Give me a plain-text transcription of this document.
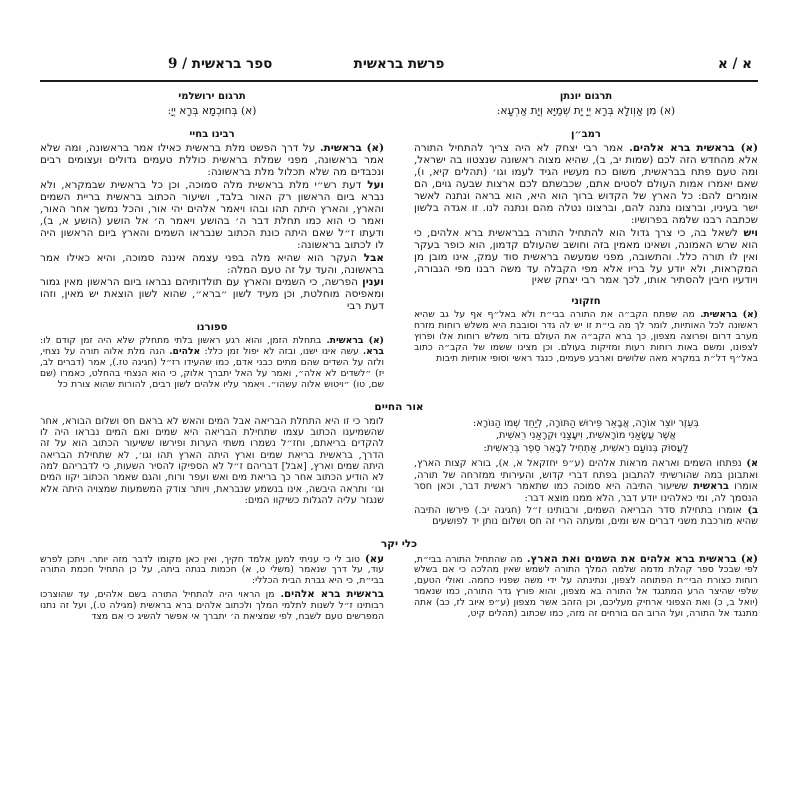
א / א
פרשת בראשית
ספר בראשית / 9
תרגום יונתן

(א) מִן אַוְולָא בְּרָא יְיָ יָת שְׁמַיָּא וְיָת אַרְעָא:

רמב״ן

(א) בראשית ברא אלהים. אמר רבי יצחק לא היה צריך להתחיל התורה אלא מהחדש הזה לכם (שמות יב, ב), שהיא מצוה ראשונה שנצטוו בה ישראל, ומה טעם פתח בבראשית, משום כח מעשיו הגיד לעמו וגו׳ (תהלים קיא, ו), שאם יאמרו אמות העולם לסטים אתם, שכבשתם לכם ארצות שבעה גוים, הם אומרים להם: כל הארץ של הקדוש ברוך הוא היא, הוא בראה ונתנה לאשר ישר בעיניו, וברצונו נתנה להם, וברצונו נטלה מהם ונתנה לנו. זו אגדה בלשון שכתבה רבנו שלמה בפרושיו:

ויש לשאל בה, כי צרך גדול הוא להתחיל התורה בבראשית ברא אלהים, כי הוא שרש האמונה, ושאינו מאמין בזה וחושב שהעולם קדמון, הוא כופר בעקר ואין לו תורה כלל. והתשובה, מפני שמעשה בראשית סוד עמק, אינו מובן מן המקראות, ולא יודע על בריו אלא מפי הקבלה עד משה רבנו מפי הגבורה, ויודעיו חיבין להסתיר אותו, לכך אמר רבי יצחק שאין

חזקוני

(א) בראשית. מה שפתח הקב״ה את התורה בבי״ת ולא באל״ף אף על גב שהיא ראשונה לכל האותיות, לומר לך מה בי״ת זו יש לה גדר וסובבת היא משלש רוחות מזרח מערב דרום ופרוצה מצפון, כך ברא הקב״ה את העולם גדור משלש רוחות אלו ופרוץ לצפונו, ומשם באות רוחות רעות ומזיקות בעולם. וכן מצינו ששמו של הקב״ה כתוב באל״ף דל״ת במקרא מאה שלושים וארבע פעמים, כנגד ראשי וסופי אותיות תיבות

תרגום ירושלמי

(א) בְּחוּכְמָא בְּרָא יְיָ:

רבינו בחיי

(א) בראשית. על דרך הפשט מלת בראשית כאילו אמר בראשונה, ומה שלא אמר בראשונה, מפני שמלת בראשית כוללת טעמים גדולים ועצומים רבים ונכבדים מה שלא תכלול מלת בראשונה:

ועל דעת רש״י מלת בראשית מלה סמוכה, וכן כל בראשית שבמקרא, ולא נברא ביום הראשון רק האור בלבד, ושיעור הכתוב בראשית בריית השמים והארץ, והארץ היתה תהו ובהו ויאמר אלהים יהי אור, והכל נמשך אחר האור, ואמר כי הוא כמו תחלת דבר ה׳ בהושע ויאמר ה׳ אל הושע (הושע א, ב), ודעתו ז״ל שאם היתה כונת הכתוב שנבראו השמים והארץ ביום הראשון היה לו לכתוב בראשונה:

אבל העקר הוא שהיא מלה בפני עצמה איננה סמוכה, והיא כאילו אמר בראשונה, והעד על זה טעם המלה:

וענין הפרשה, כי השמים והארץ עם תולדותיהם נבראו ביום הראשון מאין גמור ומאפיסה מוחלטת, וכן מעיד לשון ״ברא״, שהוא לשון הוצאת יש מאין, וזהו דעת רבי

ספורנו

(א) בראשית. בתחלת הזמן, והוא רגע ראשון בלתי מתחלק שלא היה זמן קודם לו: ברא. עשה אינו ישנו, ובזה לא יפול זמן כלל: אלהים. הנה מלת אלוה תורה על נצחי, ולזה על השדים שהם מתים כבני אדם, כמו שהעידו רז״ל (חגיגה טז.), אמר (דברים לב, יז) ״לשדים לא אלה״, ואמר על האל יתברך אלוק, כי הוא הנצחי בהחלט, כאמרו (שם שם, טו) ״ויטוש אלוה עשהו״. ויאמר עליו אלהים לשון רבים, להורות שהוא צורת כל

אור החיים
בְּעֵזֶר יוֹצֵר אוֹרָה, אֲבָאֵר פֵּירוּשׁ הַתּוֹרָה, לְיַחֵד שְׁמוֹ הַנּוֹרָא:
אֲשֶׁר עֲשָׂאַנִי מוֹרָאשִׁית, וִיעָצַנִי וּקְרָאַנִי רֵאשִׁית,
לַעֲסוֹק בְּנוֹעַם רֵאשִׁית, אַתְחִיל לְבָאֵר סֵפֶר בְּרֵאשִׁית:

א) נפתחו השמים ואראה מראות אלהים (ע״פ יחזקאל א, א), בורא קצות הארץ, ואתבונן במה שהורשיתי להתבונן בפתח דברי קדוש, והעירותי ממזרחה של תורה, אומרו בראשית ששיעור התיבה היא סמוכה כמו שתאמר ראשית דבר, וכאן חסר הנסמך לה, ומי כאלהינו יודע דבר, הלא ממנו מוצא דבר:

ב) אומרו בתחילת סדר הבריאה השמים, ורבותינו ז״ל (חגיגה יב.) פירשו התיבה שהיא מורכבת משני דברים אש ומים, ומעתה הרי זה חס ושלום נותן יד לפושעים

לומר כי זו היא התחלת הבריאה אבל המים והאש לא בראם חס ושלום הבורא, אחר שהשמיענו הכתוב עצמו שתחילת הבריאה היא שמים ואם המים נבראו היה לו להקדים בריאתם, וחז״ל נשמרו משתי הערות ופירשו ששיעור הכתוב הוא על זה הדרך, בראשית בריאת שמים וארץ היתה הארץ תהו וגו׳, לא שתחילת הבריאה היתה שמים וארץ, [אבל] דבריהם ז״ל לא הספיקו להסיר השעות, כי לדבריהם למה לא הודיע הכתוב אחר כך בריאת מים ואש ועפר ורוח, והגם שאמר הכתוב יקוו המים וגו׳ ותראה היבשה, אינו בנשמע שנבראת, ויותר צודק המשמעות שמצויה היתה אלא שנגזר עליה להגלות כשיקוו המים:

כלי יקר

(א) בראשית ברא אלהים את השמים ואת הארץ. מה שהתחיל התורה בבי״ת, לפי שבכל ספר קהלת מדמה שלמה המלך התורה לשמש שאין מהלכה כי אם בשלש רוחות כצורת הבי״ת הפתוחה לצפון, ונתינתה על ידי משה שפניו כחמה. ואולי הטעם, שלפי שהיצר הרע המתנגד אל התורה בא מצפון, והוא פורץ גדר התורה, כמו שנאמר (יואל ב, כ) ואת הצפוני ארחיק מעליכם, וכן הזהב אשר מצפון (ע״פ איוב לז, כב) אתה מתנגד אל התורה, ועל הרוב הם בורחים זה מזה, כמו שכתוב (תהלים קיט,

עא) טוב לי כי עניתי למען אלמד חקיך, ואין כאן מקומו לדבר מזה יותר. ויתכן לפרש עוד, על דרך שנאמר (משלי ט, א) חכמות בנתה ביתה, על כן התחיל חכמת התורה בבי״ת, כי היא גברת הבית הכללי:

בראשית ברא אלהים. מן הראוי היה להתחיל התורה בשם אלהים, עד שהוצרכו רבותינו ז״ל לשנות לתלמי המלך ולכתוב אלהים ברא בראשית (מגילה ט.), ועל זה נתנו המפרשים טעם לשבח, לפי שמציאת ה׳ יתברך אי אפשר להשיג כי אם מצד
